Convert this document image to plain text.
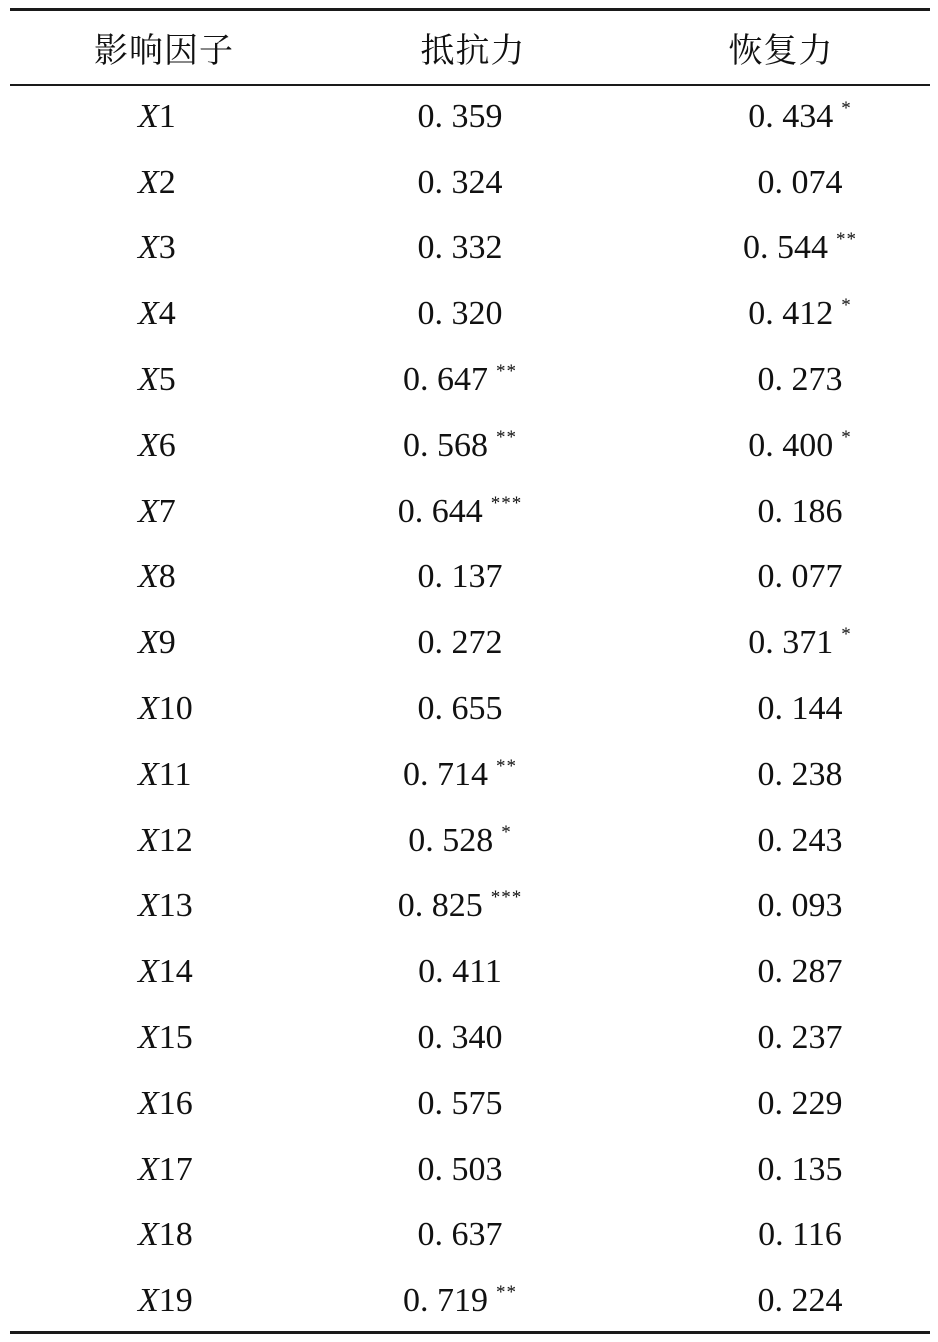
影响因子	抵抗力	恢复力
X1	0. 359	0. 434 *
X2	0. 324	0. 074
X3	0. 332	0. 544 **
X4	0. 320	0. 412 *
X5	0. 647 **	0. 273
X6	0. 568 **	0. 400 *
X7	0. 644 ***	0. 186
X8	0. 137	0. 077
X9	0. 272	0. 371 *
X10	0. 655	0. 144
X11	0. 714 **	0. 238
X12	0. 528 *	0. 243
X13	0. 825 ***	0. 093
X14	0. 411	0. 287
X15	0. 340	0. 237
X16	0. 575	0. 229
X17	0. 503	0. 135
X18	0. 637	0. 116
X19	0. 719 **	0. 224
